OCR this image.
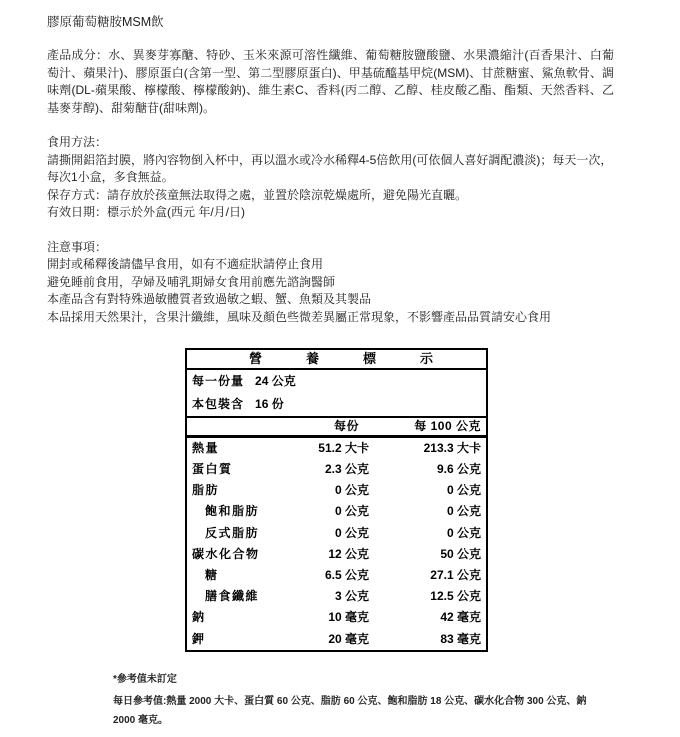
膠原葡萄糖胺MSM飲

產品成分：水、異麥芽寡醣、特砂、玉米來源可溶性纖維、葡萄糖胺鹽酸鹽、水果濃縮汁(百香果汁、白葡萄汁、蘋果汁)、膠原蛋白(含第一型、第二型膠原蛋白)、甲基硫醯基甲烷(MSM)、甘蔗糖蜜、鯊魚軟骨、調味劑(DL-蘋果酸、檸檬酸、檸檬酸鈉)、維生素C、香料(丙二醇、乙醇、桂皮酸乙酯、酯類、天然香料、乙基麥芽醇)、甜菊醣苷(甜味劑)。

食用方法：

請撕開鋁箔封膜，將內容物倒入杯中，再以溫水或冷水稀釋4-5倍飲用(可依個人喜好調配濃淡)；每天一次，每次1小盒，多食無益。

保存方式：請存放於孩童無法取得之處，並置於陰涼乾燥處所，避免陽光直曬。

有效日期：標示於外盒(西元 年/月/日)

注意事項：

開封或稀釋後請儘早食用，如有不適症狀請停止食用

避免睡前食用，孕婦及哺乳期婦女食用前應先諮詢醫師

本產品含有對特殊過敏體質者致過敏之蝦、蟹、魚類及其製品

本品採用天然果汁，含果汁纖維，風味及顏色些微差異屬正常現象，不影響產品品質請安心食用

營	養	標	示
每一份量 24 公克
本包裝含 16 份
每份	每 100 公克
熱量	51.2 大卡	213.3 大卡
蛋白質	2.3 公克	9.6 公克
脂肪	0 公克	0 公克
飽和脂肪	0 公克	0 公克
反式脂肪	0 公克	0 公克
碳水化合物	12 公克	50 公克
糖	6.5 公克	27.1 公克
膳食纖維	3 公克	12.5 公克
鈉	10 毫克	42 毫克
鉀	20 毫克	83 毫克

*參考值未訂定

每日參考值:熱量 2000 大卡、蛋白質 60 公克、脂肪 60 公克、飽和脂肪 18 公克、碳水化合物 300 公克、鈉 2000 毫克。
